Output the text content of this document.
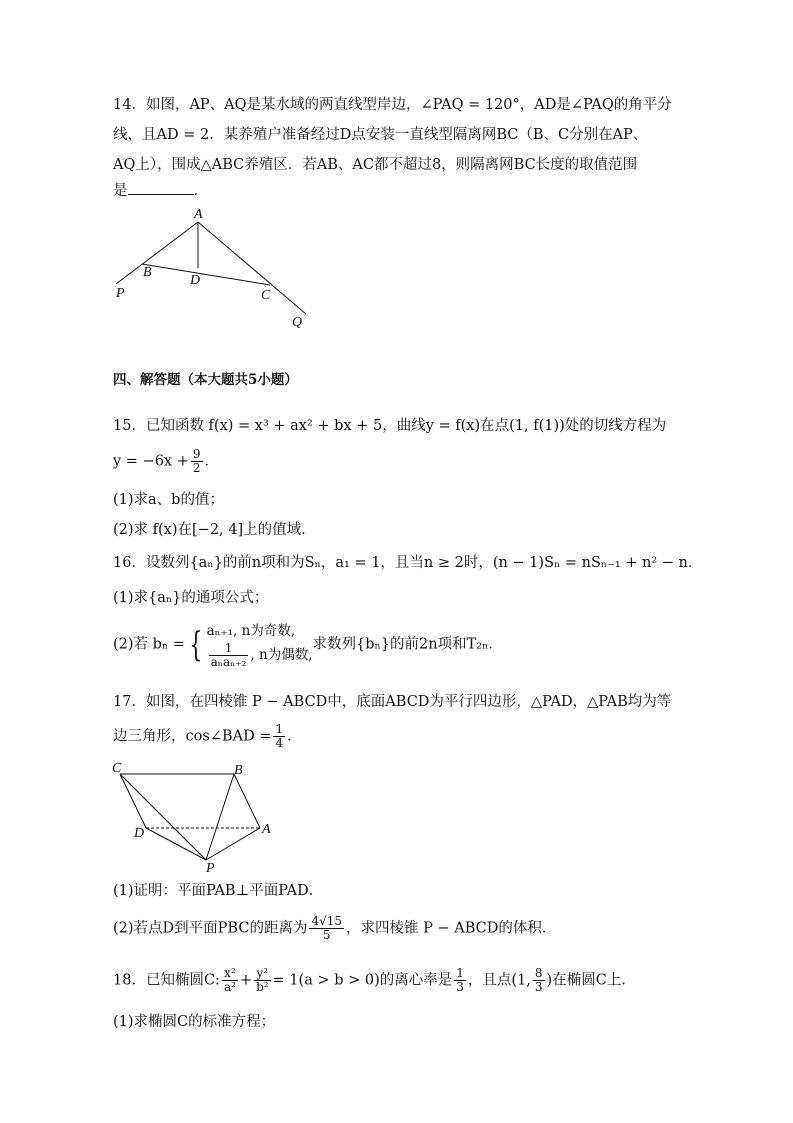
14．如图，AP、AQ是某水域的两直线型岸边，∠PAQ = 120°，AD是∠PAQ的角平分
线，且AD = 2．某养殖户准备经过D点安装一直线型隔离网BC（B、C分别在AP、
AQ上），围成△ABC养殖区．若AB、AC都不超过8，则隔离网BC长度的取值范围
是	．
A
B
D
C
P
Q
四、解答题（本大题共5小题）
15．已知函数 f(x) = x³ + ax² + bx + 5，曲线y = f(x)在点(1, f(1))处的切线方程为
$y = -6x + \frac{9}{2}$ ．
(1)求a、b的值；
(2)求 f(x)在[−2, 4]上的值域．
16．设数列{aₙ}的前n项和为Sₙ，a₁ = 1，且当n ≥ 2时，(n − 1)Sₙ = nSₙ₋₁ + n² − n．
(1)求{aₙ}的通项公式；
(2)若 bₙ = { aₙ₊₁, n为奇数,
$\frac{1}{\text{aₙaₙ₊₂}}$ , n为偶数,
求数列{bₙ}的前2n项和T₂ₙ．
17．如图，在四棱锥 P − ABCD中，底面ABCD为平行四边形，△PAD，△PAB均为等
边三角形，cos∠BAD = $\frac{1}{4}$ ．
C	B
D	A
P
(1)证明：平面PAB⊥平面PAD．
(2)若点D到平面PBC的距离为 $\frac{4√15}{5}$ ，求四棱锥 P − ABCD的体积．
18．已知椭圆C: $\frac{\text{x²}}{\text{a²}} + \frac{\text{y²}}{\text{b²}} = 1(a > b > 0)$的离心率是 $\frac{1}{3}$ ，且点(1, $\frac{8}{3}$ )在椭圆C上．
(1)求椭圆C的标准方程；
